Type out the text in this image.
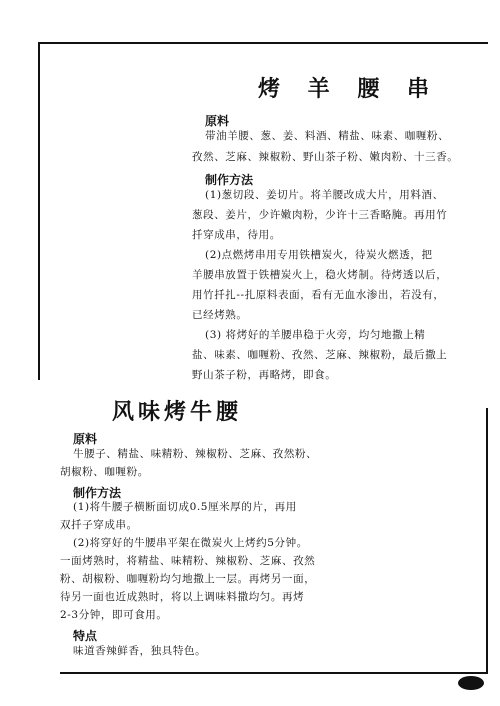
烤 羊 腰 串
原料
带油羊腰、葱、姜、料酒、精盐、味素、咖喱粉、
孜然、芝麻、辣椒粉、野山茶子粉、嫩肉粉、十三香。
制作方法
(1)葱切段、姜切片。将羊腰改成大片，用料酒、
葱段、姜片，少许嫩肉粉，少许十三香略腌。再用竹
扦穿成串，待用。
(2)点燃烤串用专用铁槽炭火，待炭火燃透，把
羊腰串放置于铁槽炭火上，稳火烤制。待烤透以后，
用竹扦扎--扎原料表面，看有无血水渗出，若没有，
已经烤熟。
(3) 将烤好的羊腰串稳于火旁，均匀地撒上精
盐、味素、咖喱粉、孜然、芝麻、辣椒粉，最后撒上
野山茶子粉，再略烤，即食。
风味烤牛腰
原料
牛腰子、精盐、味精粉、辣椒粉、芝麻、孜然粉、
胡椒粉、咖喱粉。
制作方法
(1)将牛腰子横断面切成0.5厘米厚的片，再用
双扦子穿成串。
(2)将穿好的牛腰串平架在微炭火上烤约5分钟。
一面烤熟时，将精盐、味精粉、辣椒粉、芝麻、孜然
粉、胡椒粉、咖喱粉均匀地撒上一层。再烤另一面，
待另一面也近成熟时，将以上调味料撒均匀。再烤
2-3分钟，即可食用。
特点
味道香辣鲜香，独具特色。
